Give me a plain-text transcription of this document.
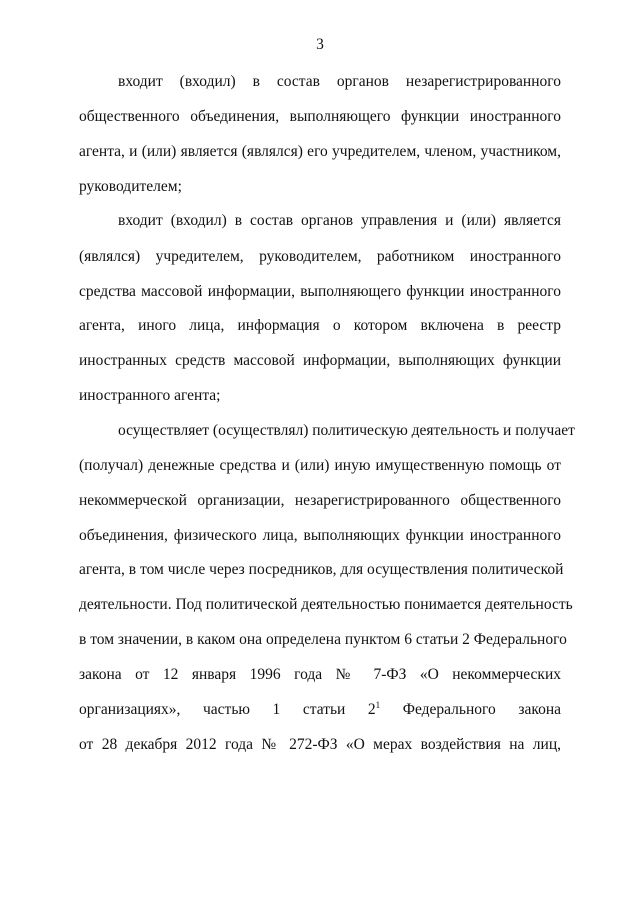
3
входит (входил) в состав органов незарегистрированного
общественного объединения, выполняющего функции иностранного
агента, и (или) является (являлся) его учредителем, членом, участником,
руководителем;
входит (входил) в состав органов управления и (или) является
(являлся) учредителем, руководителем, работником иностранного
средства массовой информации, выполняющего функции иностранного
агента, иного лица, информация о котором включена в реестр
иностранных средств массовой информации, выполняющих функции
иностранного агента;
осуществляет (осуществлял) политическую деятельность и получает
(получал) денежные средства и (или) иную имущественную помощь от
некоммерческой организации, незарегистрированного общественного
объединения, физического лица, выполняющих функции иностранного
агента, в том числе через посредников, для осуществления политической
деятельности. Под политической деятельностью понимается деятельность
в том значении, в каком она определена пунктом 6 статьи 2 Федерального
закона от 12 января 1996 года № 7-ФЗ «О некоммерческих
организациях», частью 1 статьи $2^1$ Федерального закона
от 28 декабря 2012 года № 272-ФЗ «О мерах воздействия на лиц,
